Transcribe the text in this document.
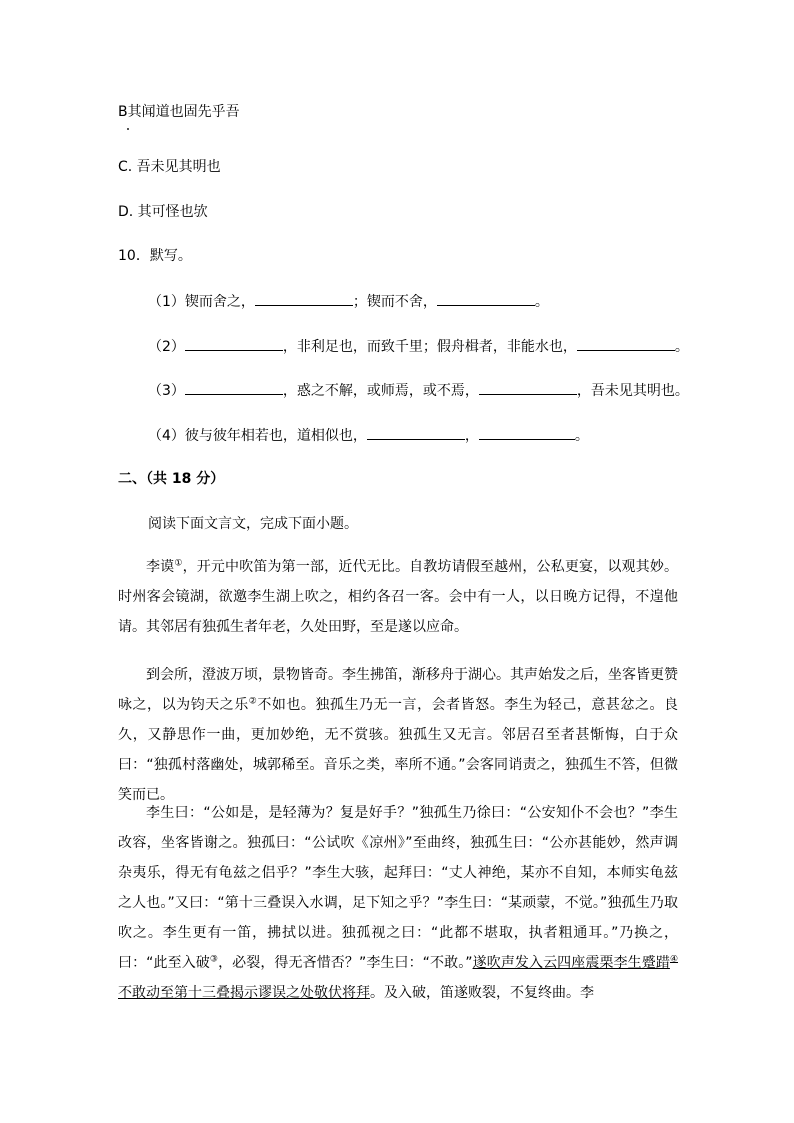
B其闻道也固先乎吾
C. 吾未见其明也
D. 其可怪也欤
10．默写。
（1）锲而舍之，	；锲而不舍，	。
（2）	，非利足也，而致千里；假舟楫者，非能水也，	。
（3）	，惑之不解，或师焉，或不焉，	，吾未见其明也。
（4）彼与彼年相若也，道相似也，	，	。
二、（共 18 分）
阅读下面文言文，完成下面小题。

李谟①，开元中吹笛为第一部，近代无比。自教坊请假至越州，公私更宴，以观其妙。时州客会镜湖，欲邀李生湖上吹之，相约各召一客。会中有一人，以日晚方记得，不遑他请。其邻居有独孤生者年老，久处田野，至是遂以应命。

到会所，澄波万顷，景物皆奇。李生拂笛，渐移舟于湖心。其声始发之后，坐客皆更赞咏之，以为钧天之乐②不如也。独孤生乃无一言，会者皆怒。李生为轻己，意甚忿之。良久，又静思作一曲，更加妙绝，无不赏骇。独孤生又无言。邻居召至者甚惭悔，白于众曰：“独孤村落幽处，城郭稀至。音乐之类，率所不通。”会客同诮责之，独孤生不答，但微笑而已。

李生曰：“公如是，是轻薄为？复是好手？”独孤生乃徐曰：“公安知仆不会也？”李生改容，坐客皆谢之。独孤曰：“公试吹《凉州》”至曲终，独孤生曰：“公亦甚能妙，然声调杂夷乐，得无有龟兹之侣乎？”李生大骇，起拜曰：“丈人神绝，某亦不自知，本师实龟兹之人也。”又曰：“第十三叠误入水调，足下知之乎？”李生曰：“某顽蒙，不觉。”独孤生乃取吹之。李生更有一笛，拂拭以进。独孤视之曰：“此都不堪取，执者粗通耳。”乃换之，曰：“此至入破③，必裂，得无吝惜否？”李生曰：“不敢。”遂吹声发入云四座震栗李生蹙踖④不敢动至第十三叠揭示谬误之处敬伏将拜。及入破，笛遂败裂，不复终曲。李
